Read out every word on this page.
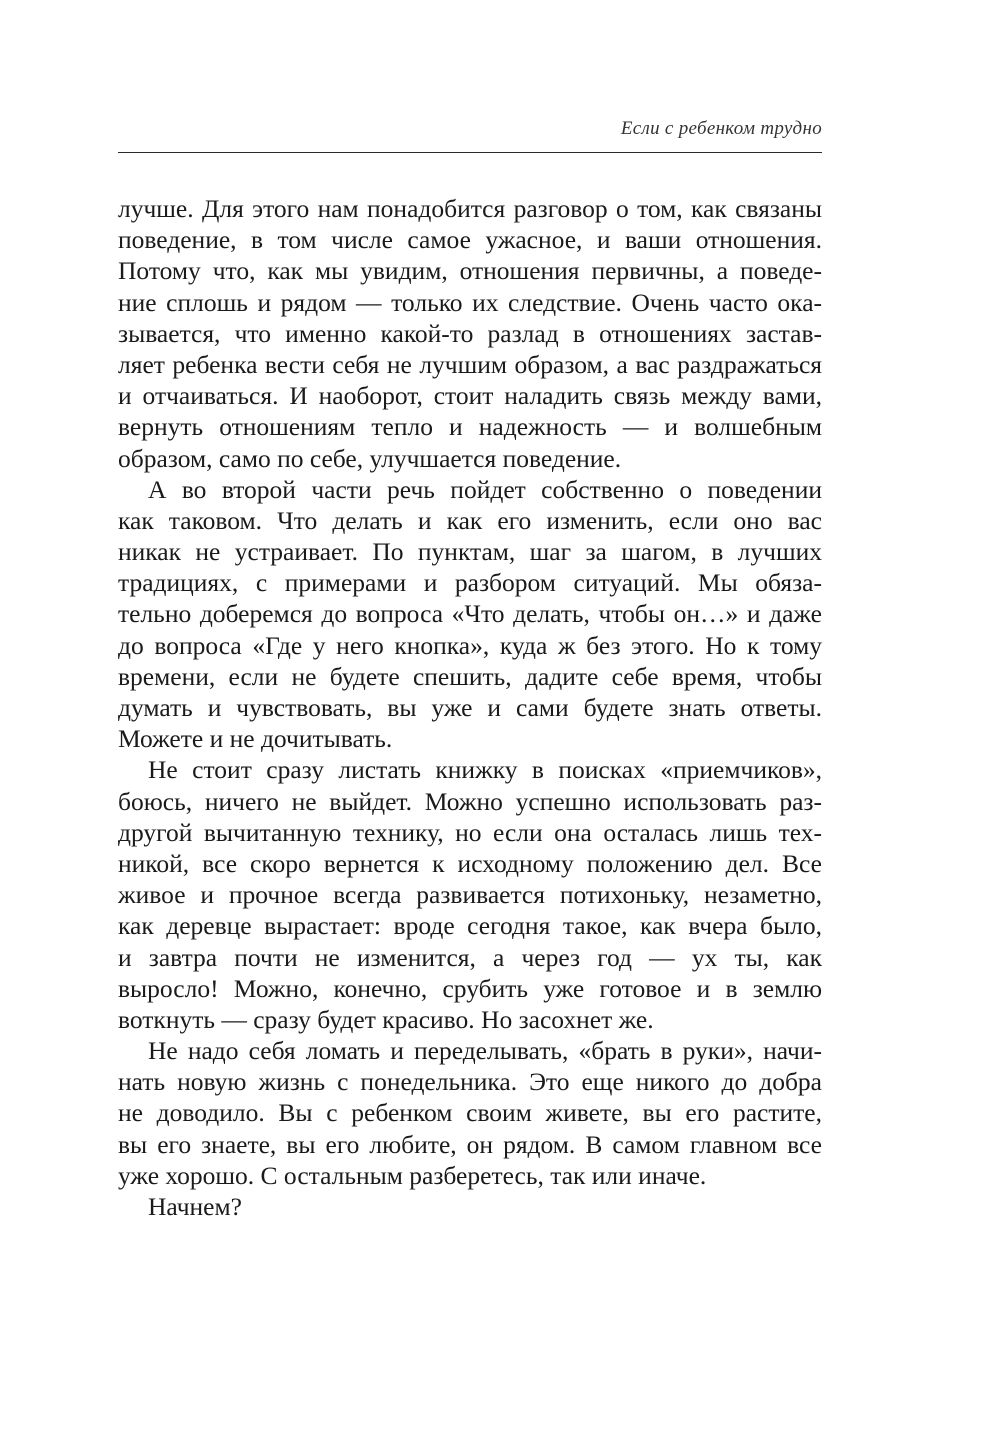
Если с ребенком трудно
лучше. Для этого нам понадобится разговор о том, как связаны
поведение, в том числе самое ужасное, и ваши отношения.
Потому что, как мы увидим, отношения первичны, а поведе-
ние сплошь и рядом — только их следствие. Очень часто ока-
зывается, что именно какой-то разлад в отношениях застав-
ляет ребенка вести себя не лучшим образом, а вас раздражаться
и отчаиваться. И наоборот, стоит наладить связь между вами,
вернуть отношениям тепло и надежность — и волшебным
образом, само по себе, улучшается поведение.
А во второй части речь пойдет собственно о поведении
как таковом. Что делать и как его изменить, если оно вас
никак не устраивает. По пунктам, шаг за шагом, в лучших
традициях, с примерами и разбором ситуаций. Мы обяза-
тельно доберемся до вопроса «Что делать, чтобы он…» и даже
до вопроса «Где у него кнопка», куда ж без этого. Но к тому
времени, если не будете спешить, дадите себе время, чтобы
думать и чувствовать, вы уже и сами будете знать ответы.
Можете и не дочитывать.
Не стоит сразу листать книжку в поисках «приемчиков»,
боюсь, ничего не выйдет. Можно успешно использовать раз-
другой вычитанную технику, но если она осталась лишь тех-
никой, все скоро вернется к исходному положению дел. Все
живое и прочное всегда развивается потихоньку, незаметно,
как деревце вырастает: вроде сегодня такое, как вчера было,
и завтра почти не изменится, а через год — ух ты, как
выросло! Можно, конечно, срубить уже готовое и в землю
воткнуть — сразу будет красиво. Но засохнет же.
Не надо себя ломать и переделывать, «брать в руки», начи-
нать новую жизнь с понедельника. Это еще никого до добра
не доводило. Вы с ребенком своим живете, вы его растите,
вы его знаете, вы его любите, он рядом. В самом главном все
уже хорошо. С остальным разберетесь, так или иначе.
Начнем?
